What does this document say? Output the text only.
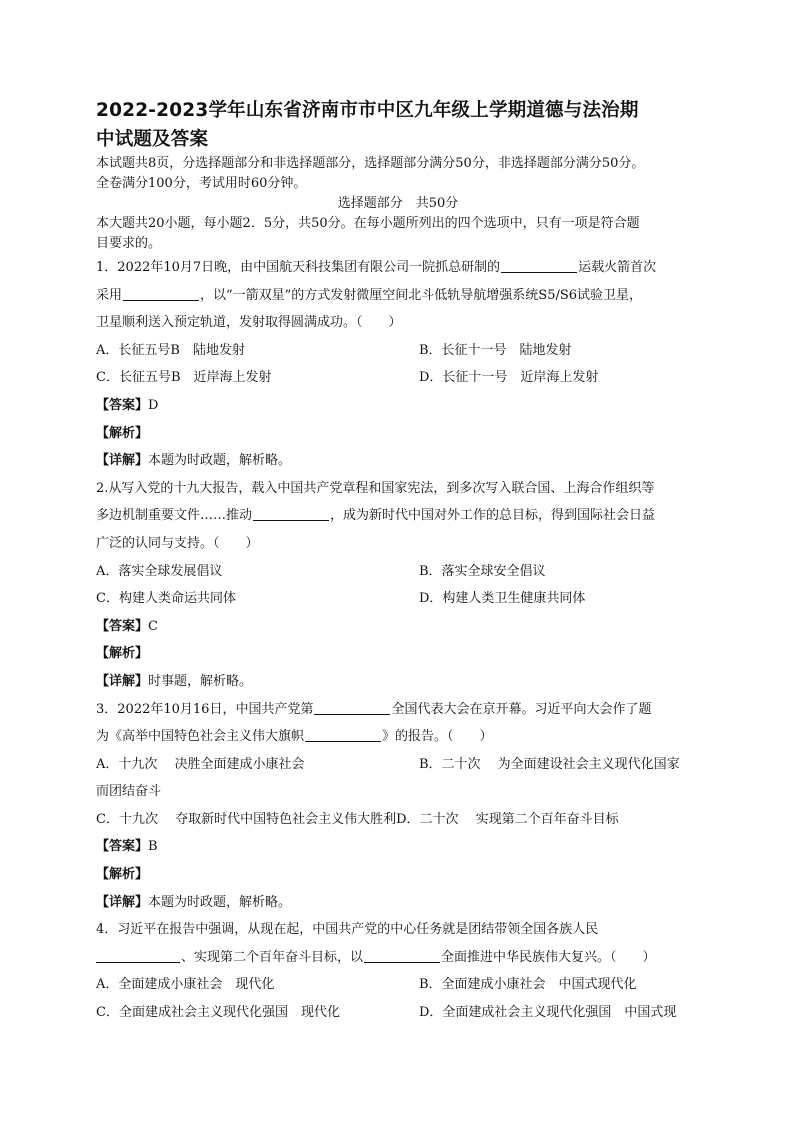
2022-2023学年山东省济南市市中区九年级上学期道德与法治期
中试题及答案

本试题共8页，分选择题部分和非选择题部分，选择题部分满分50分，非选择题部分满分50分。

全卷满分100分，考试用时60分钟。

选择题部分　共50分

本大题共20小题，每小题2．5分，共50分。在每小题所列出的四个选项中，只有一项是符合题

目要求的。

1．2022年10月7日晚，由中国航天科技集团有限公司一院抓总研制的	运载火箭首次

采用	，以“一箭双星”的方式发射微厘空间北斗低轨导航增强系统S5/S6试验卫星，

卫星顺利送入预定轨道，发射取得圆满成功。（　　）

A．长征五号B　陆地发射	B．长征十一号　陆地发射
C．长征五号B　近岸海上发射	D．长征十一号　近岸海上发射

【答案】D

【解析】

【详解】本题为时政题，解析略。

2.从写入党的十九大报告，载入中国共产党章程和国家宪法，到多次写入联合国、上海合作组织等

多边机制重要文件……推动	，成为新时代中国对外工作的总目标，得到国际社会日益

广泛的认同与支持。（　　）

A．落实全球发展倡议	B．落实全球安全倡议
C．构建人类命运共同体	D．构建人类卫生健康共同体

【答案】C

【解析】

【详解】时事题，解析略。

3．2022年10月16日，中国共产党第	全国代表大会在京开幕。习近平向大会作了题

为《高举中国特色社会主义伟大旗帜	》的报告。（　　）

A．十九次　 决胜全面建成小康社会	B．二十次　 为全面建设社会主义现代化国家

而团结奋斗

C．十九次　 夺取新时代中国特色社会主义伟大胜利 D．二十次　 实现第二个百年奋斗目标

【答案】B

【解析】

【详解】本题为时政题，解析略。

4．习近平在报告中强调，从现在起，中国共产党的中心任务就是团结带领全国各族人民

、实现第二个百年奋斗目标，以	全面推进中华民族伟大复兴。（　　）

A．全面建成小康社会　现代化	B．全面建成小康社会　中国式现代化
C．全面建成社会主义现代化强国　现代化	D．全面建成社会主义现代化强国　中国式现
